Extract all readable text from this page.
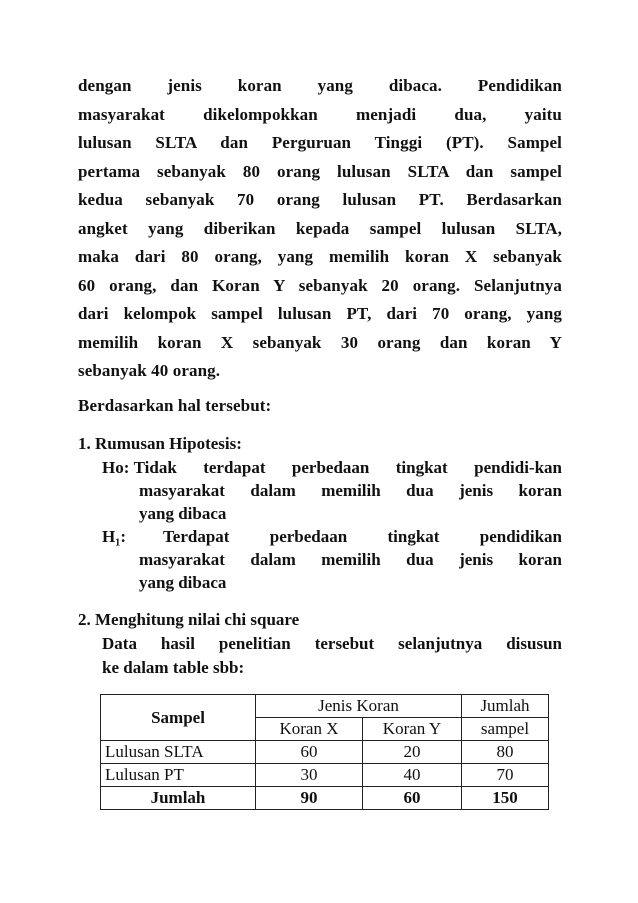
dengan jenis koran yang dibaca. Pendidikan
masyarakat dikelompokkan menjadi dua, yaitu
lulusan SLTA dan Perguruan Tinggi (PT). Sampel
pertama sebanyak 80 orang lulusan SLTA dan sampel
kedua sebanyak 70 orang lulusan PT. Berdasarkan
angket yang diberikan kepada sampel lulusan SLTA,
maka dari 80 orang, yang memilih koran X sebanyak
60 orang, dan Koran Y sebanyak 20 orang. Selanjutnya
dari kelompok sampel lulusan PT, dari 70 orang, yang
memilih koran X sebanyak 30 orang dan koran Y
sebanyak 40 orang.

Berdasarkan hal tersebut:

1. Rumusan Hipotesis:

Ho: Tidak terdapat perbedaan tingkat pendidi-kan
masyarakat dalam memilih dua jenis koran
yang dibaca
H₁:	Terdapat perbedaan tingkat pendidikan
masyarakat dalam memilih dua jenis koran
yang dibaca

2. Menghitung nilai chi square

Data hasil penelitian tersebut selanjutnya disusun
ke dalam table sbb:
Sampel	Jenis Koran		Jumlah
	Koran X	Koran Y	sampel
Lulusan SLTA	60	20	80
Lulusan PT	30	40	70
Jumlah	90	60	150
